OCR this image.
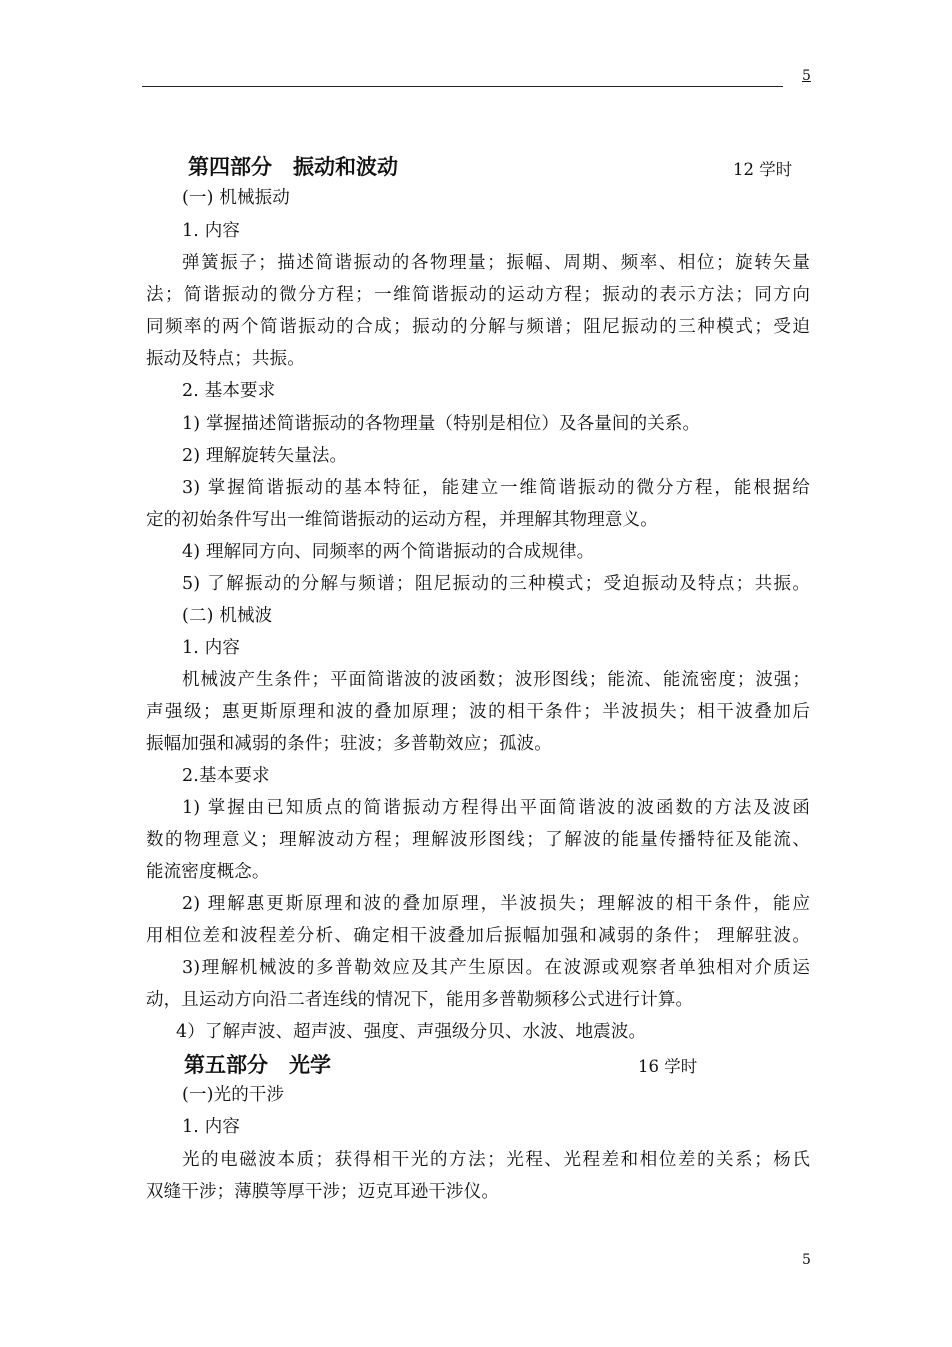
5
第四部分　振动和波动	12 学时
(一) 机械振动
1. 内容
弹簧振子；描述简谐振动的各物理量；振幅、周期、频率、相位；旋转矢量
法；简谐振动的微分方程；一维简谐振动的运动方程；振动的表示方法；同方向
同频率的两个简谐振动的合成；振动的分解与频谱；阻尼振动的三种模式；受迫
振动及特点；共振。
2. 基本要求
1) 掌握描述简谐振动的各物理量（特别是相位）及各量间的关系。
2) 理解旋转矢量法。
3) 掌握简谐振动的基本特征，能建立一维简谐振动的微分方程，能根据给
定的初始条件写出一维简谐振动的运动方程，并理解其物理意义。
4) 理解同方向、同频率的两个简谐振动的合成规律。
5) 了解振动的分解与频谱；阻尼振动的三种模式；受迫振动及特点；共振。
(二) 机械波
1. 内容
机械波产生条件；平面简谐波的波函数；波形图线；能流、能流密度；波强；
声强级；惠更斯原理和波的叠加原理；波的相干条件；半波损失；相干波叠加后
振幅加强和减弱的条件；驻波；多普勒效应；孤波。
2.基本要求
1) 掌握由已知质点的简谐振动方程得出平面简谐波的波函数的方法及波函
数的物理意义；理解波动方程；理解波形图线；了解波的能量传播特征及能流、
能流密度概念。
2) 理解惠更斯原理和波的叠加原理，半波损失；理解波的相干条件，能应
用相位差和波程差分析、确定相干波叠加后振幅加强和减弱的条件； 理解驻波。
3)理解机械波的多普勒效应及其产生原因。在波源或观察者单独相对介质运
动，且运动方向沿二者连线的情况下，能用多普勒频移公式进行计算。
4）了解声波、超声波、强度、声强级分贝、水波、地震波。
第五部分　光学	16 学时
(一)光的干涉
1. 内容
光的电磁波本质；获得相干光的方法；光程、光程差和相位差的关系；杨氏
双缝干涉；薄膜等厚干涉；迈克耳逊干涉仪。
5
